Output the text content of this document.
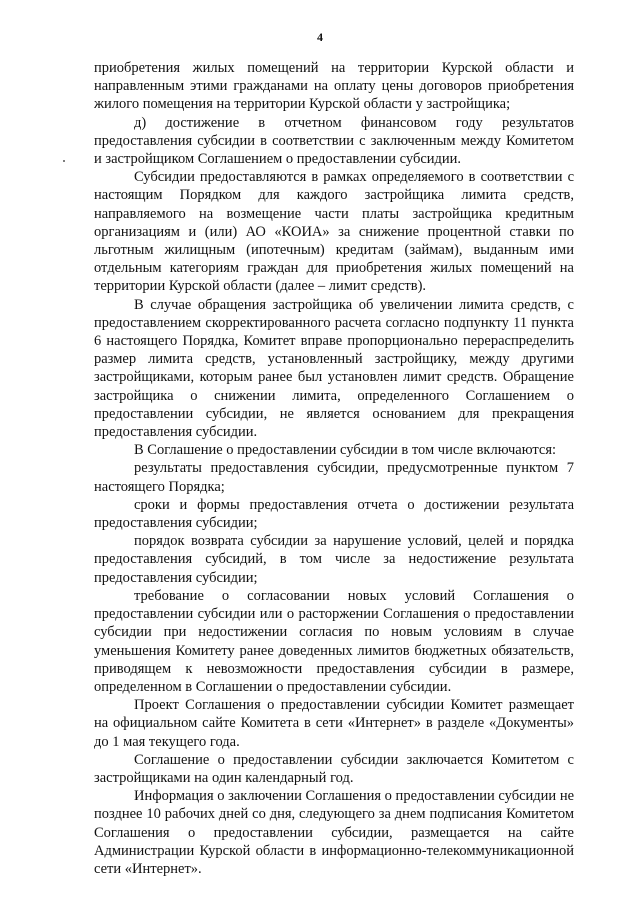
4

приобретения жилых помещений на территории Курской области и направленным этими гражданами на оплату цены договоров приобретения жилого помещения на территории Курской области у застройщика;

д) достижение в отчетном финансовом году результатов предоставления субсидии в соответствии с заключенным между Комитетом и застройщиком Соглашением о предоставлении субсидии.

Субсидии предоставляются в рамках определяемого в соответствии с настоящим Порядком для каждого застройщика лимита средств, направляемого на возмещение части платы застройщика кредитным организациям и (или) АО «КОИА» за снижение процентной ставки по льготным жилищным (ипотечным) кредитам (займам), выданным ими отдельным категориям граждан для приобретения жилых помещений на территории Курской области (далее – лимит средств).

В случае обращения застройщика об увеличении лимита средств, с предоставлением скорректированного расчета согласно подпункту 11 пункта 6 настоящего Порядка, Комитет вправе пропорционально перераспределить размер лимита средств, установленный застройщику, между другими застройщиками, которым ранее был установлен лимит средств. Обращение застройщика о снижении лимита, определенного Соглашением о предоставлении субсидии, не является основанием для прекращения предоставления субсидии.

В Соглашение о предоставлении субсидии в том числе включаются:

результаты предоставления субсидии, предусмотренные пунктом 7 настоящего Порядка;

сроки и формы предоставления отчета о достижении результата предоставления субсидии;

порядок возврата субсидии за нарушение условий, целей и порядка предоставления субсидий, в том числе за недостижение результата предоставления субсидии;

требование о согласовании новых условий Соглашения о предоставлении субсидии или о расторжении Соглашения о предоставлении субсидии при недостижении согласия по новым условиям в случае уменьшения Комитету ранее доведенных лимитов бюджетных обязательств, приводящем к невозможности предоставления субсидии в размере, определенном в Соглашении о предоставлении субсидии.

Проект Соглашения о предоставлении субсидии Комитет размещает на официальном сайте Комитета в сети «Интернет» в разделе «Документы» до 1 мая текущего года.

Соглашение о предоставлении субсидии заключается Комитетом с застройщиками на один календарный год.

Информация о заключении Соглашения о предоставлении субсидии не позднее 10 рабочих дней со дня, следующего за днем подписания Комитетом Соглашения о предоставлении субсидии, размещается на сайте Администрации Курской области в информационно-телекоммуникационной сети «Интернет».
